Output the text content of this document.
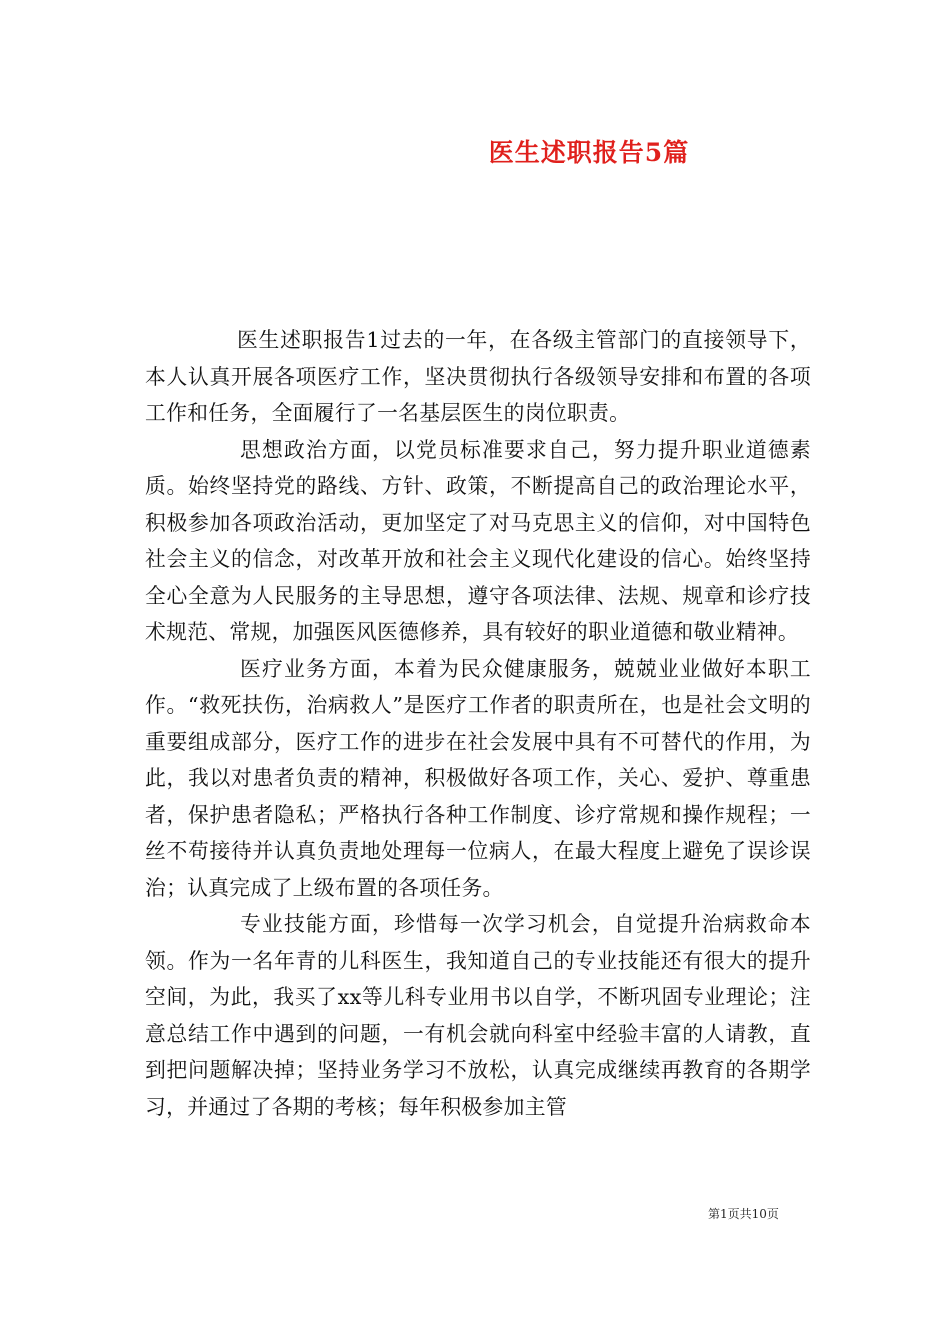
医生述职报告5篇

医生述职报告1过去的一年，在各级主管部门的直接领导下，本人认真开展各项医疗工作，坚决贯彻执行各级领导安排和布置的各项工作和任务，全面履行了一名基层医生的岗位职责。

思想政治方面，以党员标准要求自己，努力提升职业道德素质。始终坚持党的路线、方针、政策，不断提高自己的政治理论水平，积极参加各项政治活动，更加坚定了对马克思主义的信仰，对中国特色社会主义的信念，对改革开放和社会主义现代化建设的信心。始终坚持全心全意为人民服务的主导思想，遵守各项法律、法规、规章和诊疗技术规范、常规，加强医风医德修养，具有较好的职业道德和敬业精神。

医疗业务方面，本着为民众健康服务，兢兢业业做好本职工作。“救死扶伤，治病救人”是医疗工作者的职责所在，也是社会文明的重要组成部分，医疗工作的进步在社会发展中具有不可替代的作用，为此，我以对患者负责的精神，积极做好各项工作，关心、爱护、尊重患者，保护患者隐私；严格执行各种工作制度、诊疗常规和操作规程；一丝不苟接待并认真负责地处理每一位病人，在最大程度上避免了误诊误治；认真完成了上级布置的各项任务。

专业技能方面，珍惜每一次学习机会，自觉提升治病救命本领。作为一名年青的儿科医生，我知道自己的专业技能还有很大的提升空间，为此，我买了xx等儿科专业用书以自学，不断巩固专业理论；注意总结工作中遇到的问题，一有机会就向科室中经验丰富的人请教，直到把问题解决掉；坚持业务学习不放松，认真完成继续再教育的各期学习，并通过了各期的考核；每年积极参加主管

第1页共10页
